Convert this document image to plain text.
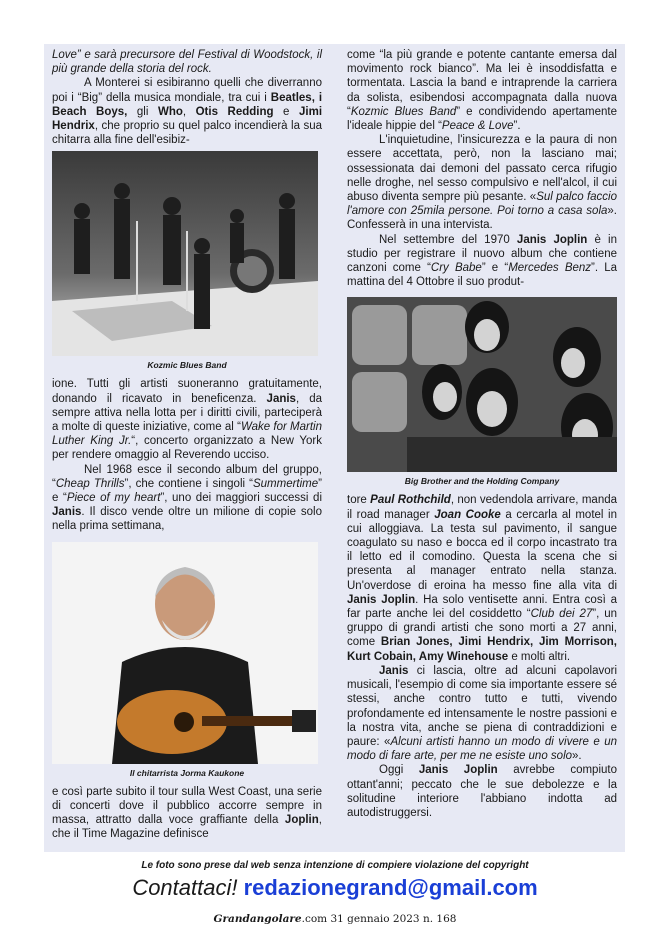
Love” e sarà precursore del Festival di Woodstock, il più grande della storia del rock.

A Monterei si esibiranno quelli che diverranno poi i “Big” della musica mondiale, tra cui i Beatles, i Beach Boys, gli Who, Otis Redding e Jimi Hendrix, che proprio su quel palco incendierà la sua chitarra alla fine dell'esibiz-

Kozmic Blues Band

ione. Tutti gli artisti suoneranno gratuitamente, donando il ricavato in beneficenza. Janis, da sempre attiva nella lotta per i diritti civili, parteciperà a molte di queste iniziative, come al “Wake for Martin Luther King Jr.“, concerto organizzato a New York per rendere omaggio al Reverendo ucciso.

Nel 1968 esce il secondo album del gruppo, “Cheap Thrills”, che contiene i singoli “Summertime” e “Piece of my heart”, uno dei maggiori successi di Janis. Il disco vende oltre un milione di copie solo nella prima settimana,

Il chitarrista Jorma Kaukone

e così parte subito il tour sulla West Coast, una serie di concerti dove il pubblico accorre sempre in massa, attratto dalla voce graffiante della Joplin, che il Time Magazine definisce

come “la più grande e potente cantante emersa dal movimento rock bianco”. Ma lei è insoddisfatta e tormentata. Lascia la band e intraprende la carriera da solista, esibendosi accompagnata dalla nuova “Kozmic Blues Band” e condividendo apertamente l'ideale hippie del “Peace & Love”.

L'inquietudine, l'insicurezza e la paura di non essere accettata, però, non la lasciano mai; ossessionata dai demoni del passato cerca rifugio nelle droghe, nel sesso compulsivo e nell'alcol, il cui abuso diventa sempre più pesante. «Sul palco faccio l'amore con 25mila persone. Poi torno a casa sola». Confesserà in una intervista.

Nel settembre del 1970 Janis Joplin è in studio per registrare il nuovo album che contiene canzoni come “Cry Babe” e “Mercedes Benz”. La mattina del 4 Ottobre il suo produt-

Big Brother and the Holding Company

tore Paul Rothchild, non vedendola arrivare, manda il road manager Joan Cooke a cercarla al motel in cui alloggiava. La testa sul pavimento, il sangue coagulato su naso e bocca ed il corpo incastrato tra il letto ed il comodino. Questa la scena che si presenta al manager entrato nella stanza. Un'overdose di eroina ha messo fine alla vita di Janis Joplin. Ha solo ventisette anni. Entra così a far parte anche lei del cosiddetto “Club dei 27”, un gruppo di grandi artisti che sono morti a 27 anni, come Brian Jones, Jimi Hendrix, Jim Morrison, Kurt Cobain, Amy Winehouse e molti altri.

Janis ci lascia, oltre ad alcuni capolavori musicali, l'esempio di come sia importante essere sé stessi, anche contro tutto e tutti, vivendo profondamente ed intensamente le nostre passioni e la nostra vita, anche se piena di contraddizioni e paure: «Alcuni artisti hanno un modo di vivere e un modo di fare arte, per me ne esiste uno solo».

Oggi Janis Joplin avrebbe compiuto ottant'anni; peccato che le sue debolezze e la solitudine interiore l'abbiano indotta ad autodistruggersi.

Le foto sono prese dal web senza intenzione di compiere violazione del copyright
Contattaci! redazionegrand@gmail.com
Grandangolare.com 31 gennaio 2023 n. 168
